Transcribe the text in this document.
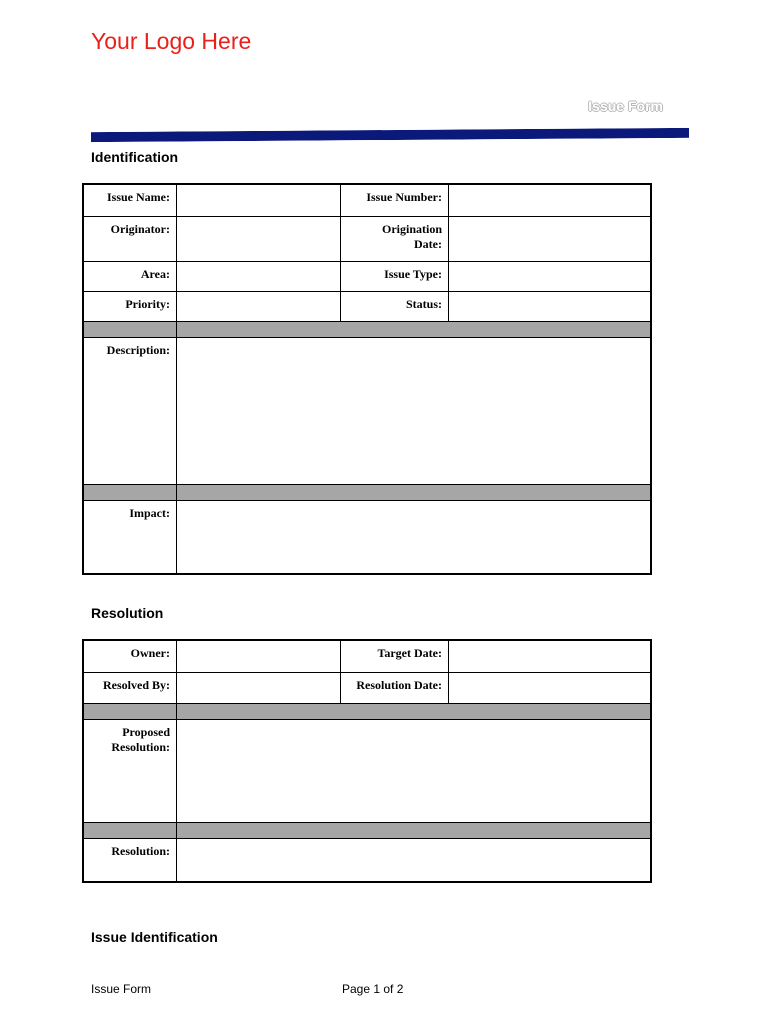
Your Logo Here
Issue Form
Identification
Issue Name:	Issue Number:
Originator:	Origination Date:
Area:	Issue Type:
Priority:	Status:
Description:
Impact:
Resolution
Owner:	Target Date:
Resolved By:	Resolution Date:
Proposed Resolution:
Resolution:
Issue Identification
Issue Form	Page 1 of 2
